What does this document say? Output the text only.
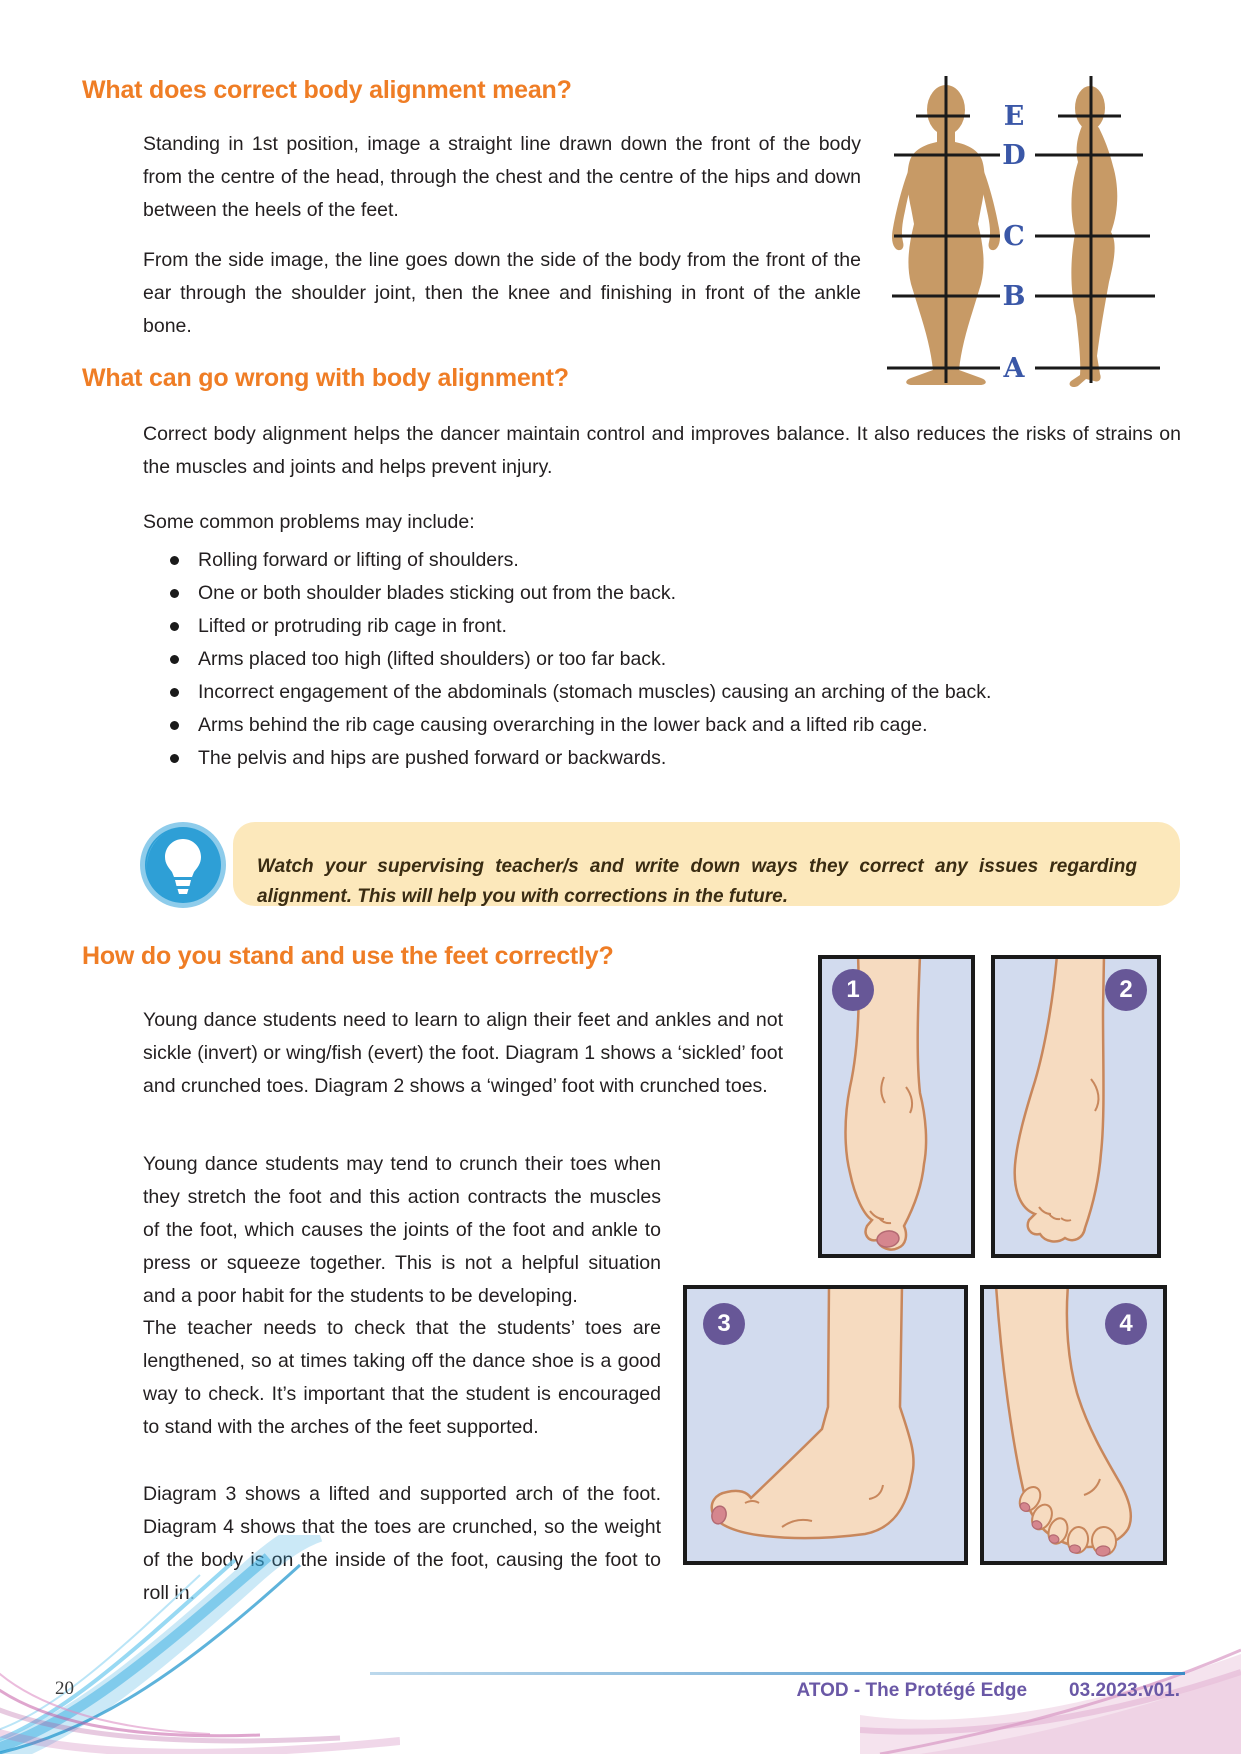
What does correct body alignment mean?

Standing in 1st position, image a straight line drawn down the front of the body from the centre of the head, through the chest and the centre of the hips and down between the heels of the feet.

From the side image, the line goes down the side of the body from the front of the ear through the shoulder joint, then the knee and finishing in front of the ankle bone.

E
D
C
B
A
What can go wrong with body alignment?

Correct body alignment helps the dancer maintain control and improves balance. It also reduces the risks of strains on the muscles and joints and helps prevent injury.

Some common problems may include:

Rolling forward or lifting of shoulders.
One or both shoulder blades sticking out from the back.
Lifted or protruding rib cage in front.
Arms placed too high (lifted shoulders) or too far back.
Incorrect engagement of the abdominals (stomach muscles) causing an arching of the back.
Arms behind the rib cage causing overarching in the lower back and a lifted rib cage.
The pelvis and hips are pushed forward or backwards.

Watch your supervising teacher/s and write down ways they correct any issues regarding alignment. This will help you with corrections in the future.

How do you stand and use the feet correctly?

Young dance students need to learn to align their feet and ankles and not sickle (invert) or wing/fish (evert) the foot. Diagram 1 shows a ‘sickled’ foot and crunched toes. Diagram 2 shows a ‘winged’ foot with crunched toes.

Young dance students may tend to crunch their toes when they stretch the foot and this action contracts the muscles of the foot, which causes the joints of the foot and ankle to press or squeeze together. This is not a helpful situation and a poor habit for the students to be developing.

The teacher needs to check that the students’ toes are lengthened, so at times taking off the dance shoe is a good way to check. It’s important that the student is encouraged to stand with the arches of the feet supported.

Diagram 3 shows a lifted and supported arch of the foot. Diagram 4 shows that the toes are crunched, so the weight of the body is on the inside of the foot, causing the foot to roll in.

1	2
3	4
ATOD - The Protégé Edge 03.2023.v01.
20
